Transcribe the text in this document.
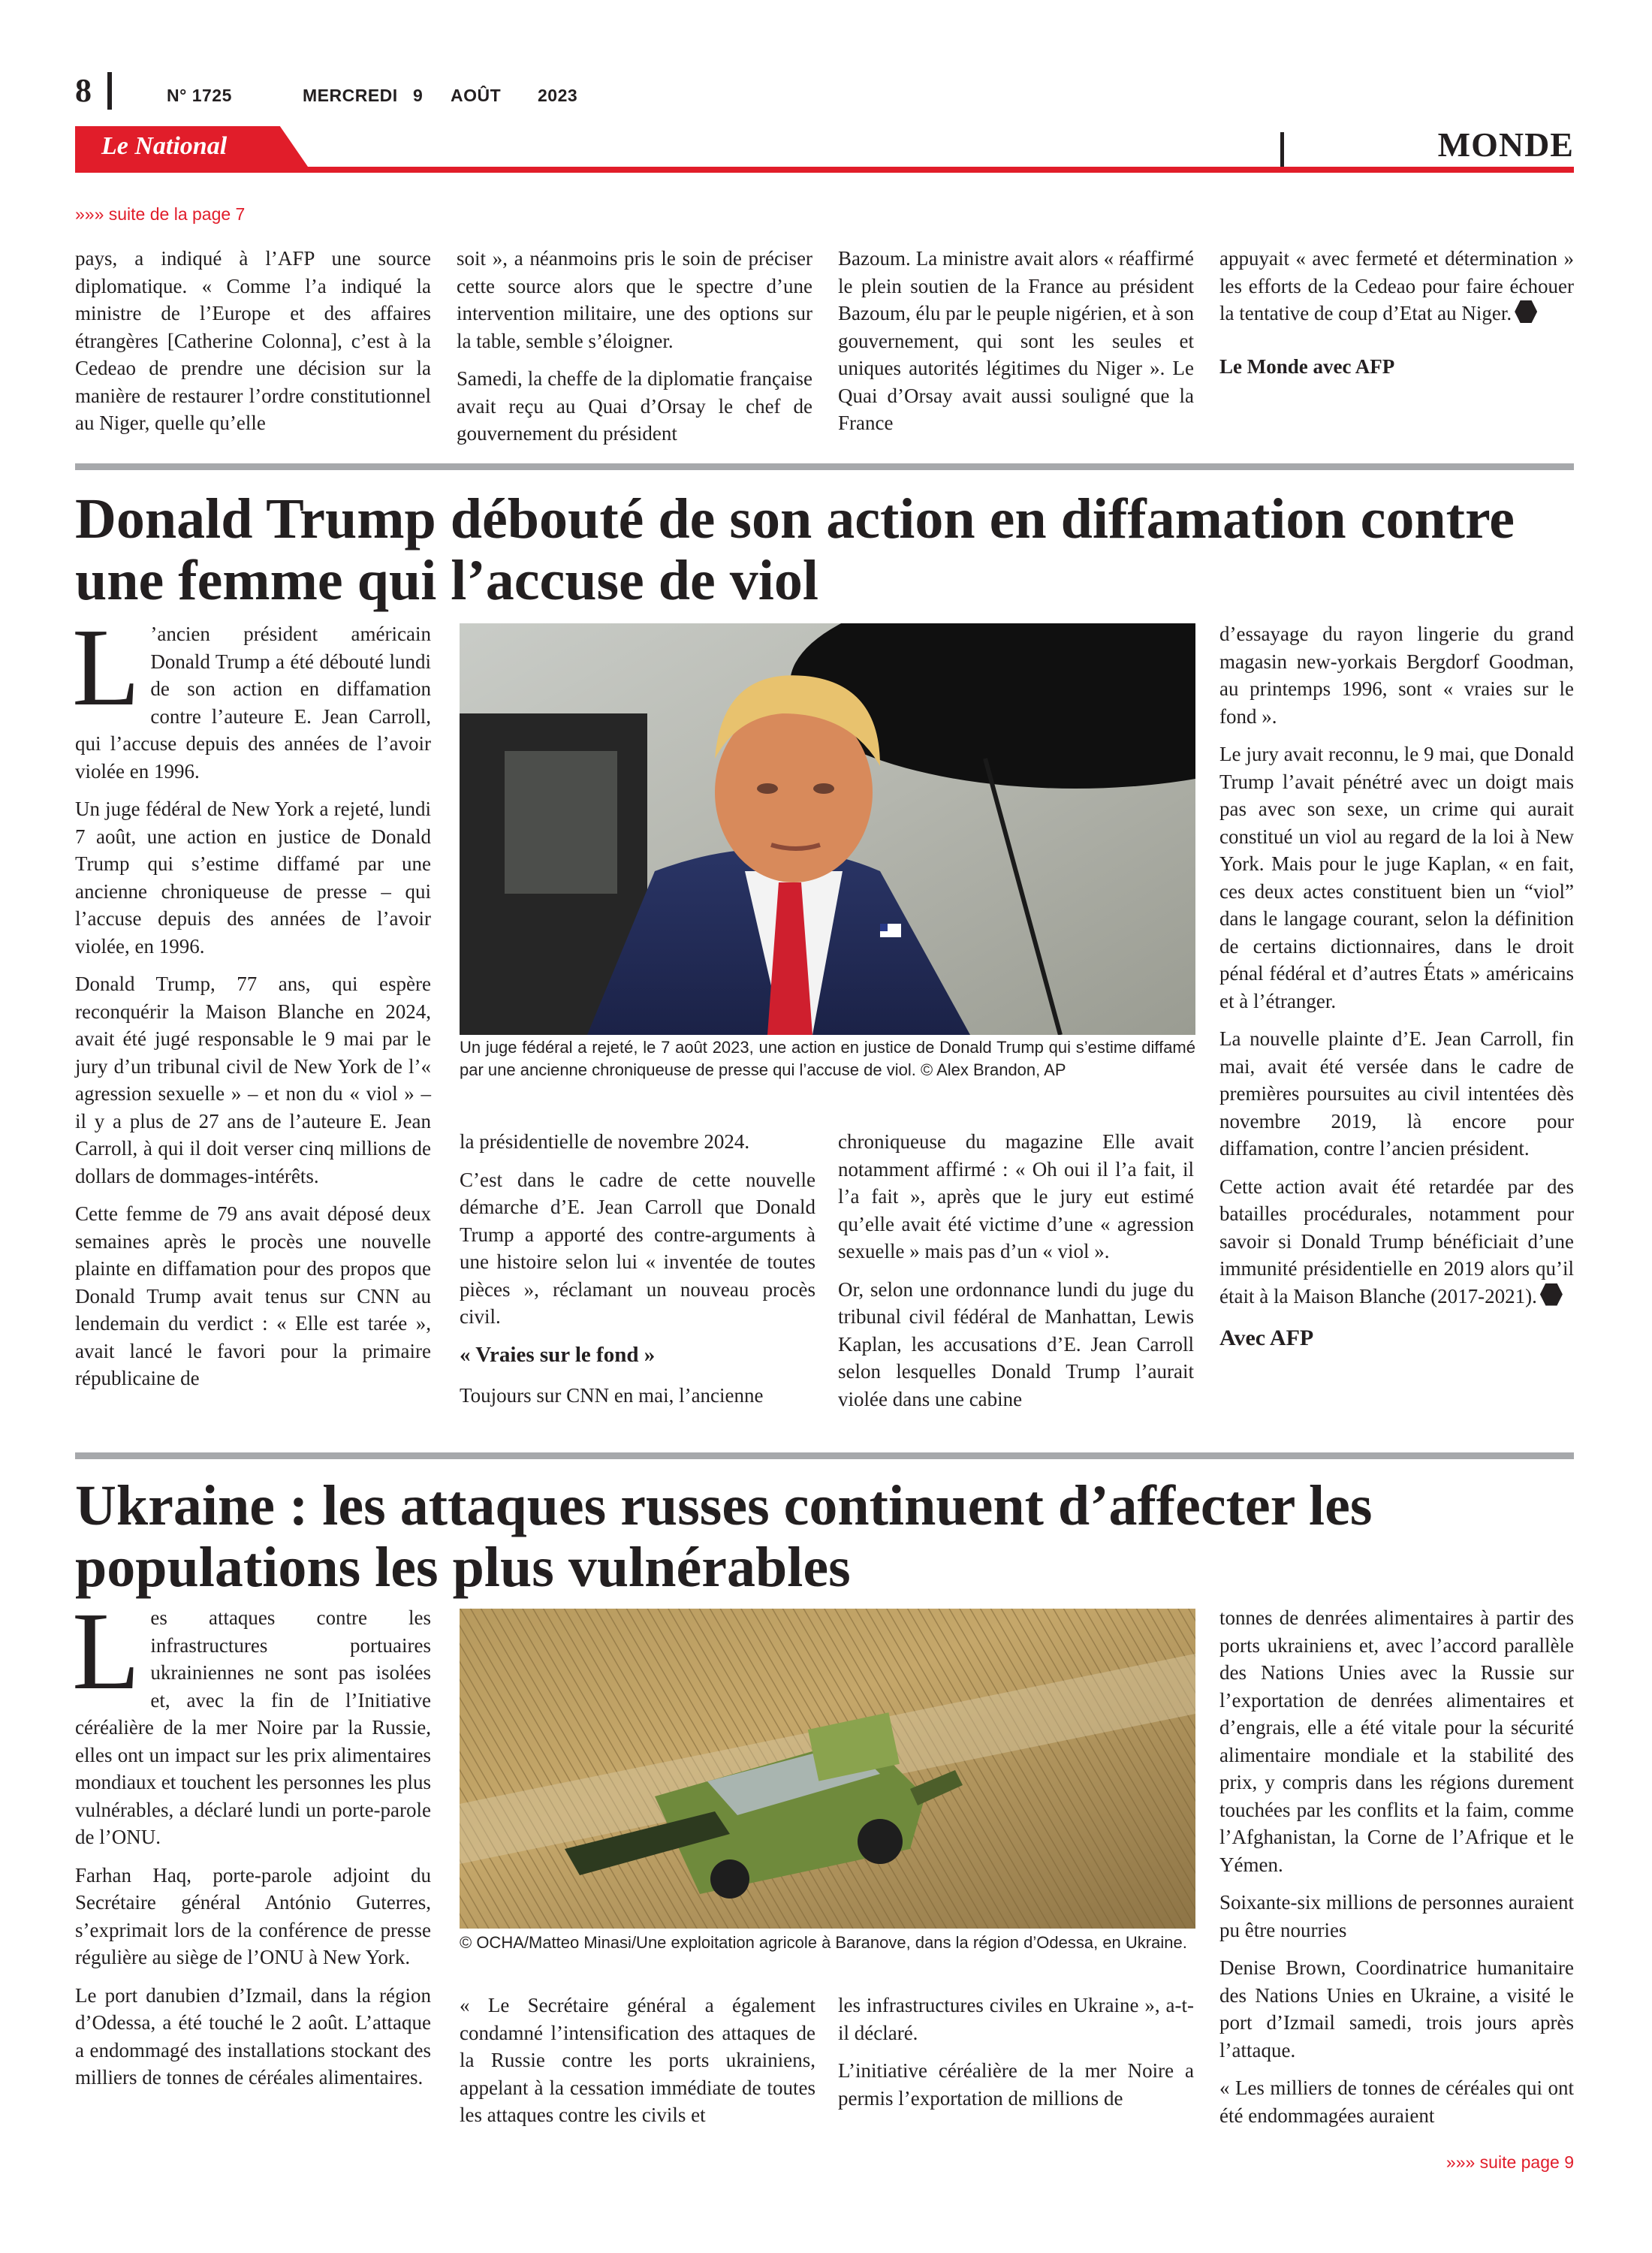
8	N° 1725	MERCREDI 9 AOÛT 2023
Le National	MONDE
»»» suite de la page 7

pays, a indiqué à l’AFP une source diplomatique. « Comme l’a indiqué la ministre de l’Europe et des affaires étrangères [Catherine Colonna], c’est à la Cedeao de prendre une décision sur la manière de restaurer l’ordre constitutionnel au Niger, quelle qu’elle

soit », a néanmoins pris le soin de préciser cette source alors que le spectre d’une intervention militaire, une des options sur la table, semble s’éloigner.

Samedi, la cheffe de la diplomatie française avait reçu au Quai d’Orsay le chef de gouvernement du président

Bazoum. La ministre avait alors « réaffirmé le plein soutien de la France au président Bazoum, élu par le peuple nigérien, et à son gouvernement, qui sont les seules et uniques autorités légitimes du Niger ». Le Quai d’Orsay avait aussi souligné que la France

appuyait « avec fermeté et détermination » les efforts de la Cedeao pour faire échouer la tentative de coup d’Etat au Niger.

Le Monde avec AFP
Donald Trump débouté de son action en diffamation contre une femme qui l’accuse de viol

L ’ancien président américain Donald Trump a été débouté lundi de son action en diffamation contre l’auteure E. Jean Carroll, qui l’accuse depuis des années de l’avoir violée en 1996.

Un juge fédéral de New York a rejeté, lundi 7 août, une action en justice de Donald Trump qui s’estime diffamé par une ancienne chroniqueuse de presse – qui l’accuse depuis des années de l’avoir violée, en 1996.

Donald Trump, 77 ans, qui espère reconquérir la Maison Blanche en 2024, avait été jugé responsable le 9 mai par le jury d’un tribunal civil de New York de l’« agression sexuelle » – et non du « viol » – il y a plus de 27 ans de l’auteure E. Jean Carroll, à qui il doit verser cinq millions de dollars de dommages-intérêts.

Cette femme de 79 ans avait déposé deux semaines après le procès une nouvelle plainte en diffamation pour des propos que Donald Trump avait tenus sur CNN au lendemain du verdict : « Elle est tarée », avait lancé le favori pour la primaire républicaine de

Un juge fédéral a rejeté, le 7 août 2023, une action en justice de Donald Trump qui s’estime diffamé par une ancienne chroniqueuse de presse qui l’accuse de viol. © Alex Brandon, AP

la présidentielle de novembre 2024.

C’est dans le cadre de cette nouvelle démarche d’E. Jean Carroll que Donald Trump a apporté des contre-arguments à une histoire selon lui « inventée de toutes pièces », réclamant un nouveau procès civil.

« Vraies sur le fond »

Toujours sur CNN en mai, l’ancienne

chroniqueuse du magazine Elle avait notamment affirmé : « Oh oui il l’a fait, il l’a fait », après que le jury eut estimé qu’elle avait été victime d’une « agression sexuelle » mais pas d’un « viol ».

Or, selon une ordonnance lundi du juge du tribunal civil fédéral de Manhattan, Lewis Kaplan, les accusations d’E. Jean Carroll selon lesquelles Donald Trump l’aurait violée dans une cabine

d’essayage du rayon lingerie du grand magasin new-yorkais Bergdorf Goodman, au printemps 1996, sont « vraies sur le fond ».

Le jury avait reconnu, le 9 mai, que Donald Trump l’avait pénétré avec un doigt mais pas avec son sexe, un crime qui aurait constitué un viol au regard de la loi à New York. Mais pour le juge Kaplan, « en fait, ces deux actes constituent bien un “viol” dans le langage courant, selon la définition de certains dictionnaires, dans le droit pénal fédéral et d’autres États » américains et à l’étranger.

La nouvelle plainte d’E. Jean Carroll, fin mai, avait été versée dans le cadre de premières poursuites au civil intentées dès novembre 2019, là encore pour diffamation, contre l’ancien président.

Cette action avait été retardée par des batailles procédurales, notamment pour savoir si Donald Trump bénéficiait d’une immunité présidentielle en 2019 alors qu’il était à la Maison Blanche (2017-2021).

Avec AFP
Ukraine : les attaques russes continuent d’affecter les populations les plus vulnérables

Les attaques contre les infrastructures portuaires ukrainiennes ne sont pas isolées et, avec la fin de l’Initiative céréalière de la mer Noire par la Russie, elles ont un impact sur les prix alimentaires mondiaux et touchent les personnes les plus vulnérables, a déclaré lundi un porte-parole de l’ONU.

Farhan Haq, porte-parole adjoint du Secrétaire général António Guterres, s’exprimait lors de la conférence de presse régulière au siège de l’ONU à New York.

Le port danubien d’Izmail, dans la région d’Odessa, a été touché le 2 août. L’attaque a endommagé des installations stockant des milliers de tonnes de céréales alimentaires.

© OCHA/Matteo Minasi/Une exploitation agricole à Baranove, dans la région d’Odessa, en Ukraine.

« Le Secrétaire général a également condamné l’intensification des attaques de la Russie contre les ports ukrainiens, appelant à la cessation immédiate de toutes les attaques contre les civils et

les infrastructures civiles en Ukraine », a-t-il déclaré.

L’initiative céréalière de la mer Noire a permis l’exportation de millions de

tonnes de denrées alimentaires à partir des ports ukrainiens et, avec l’accord parallèle des Nations Unies avec la Russie sur l’exportation de denrées alimentaires et d’engrais, elle a été vitale pour la sécurité alimentaire mondiale et la stabilité des prix, y compris dans les régions durement touchées par les conflits et la faim, comme l’Afghanistan, la Corne de l’Afrique et le Yémen.

Soixante-six millions de personnes auraient pu être nourries

Denise Brown, Coordinatrice humanitaire des Nations Unies en Ukraine, a visité le port d’Izmail samedi, trois jours après l’attaque.

« Les milliers de tonnes de céréales qui ont été endommagées auraient

»»» suite page 9
